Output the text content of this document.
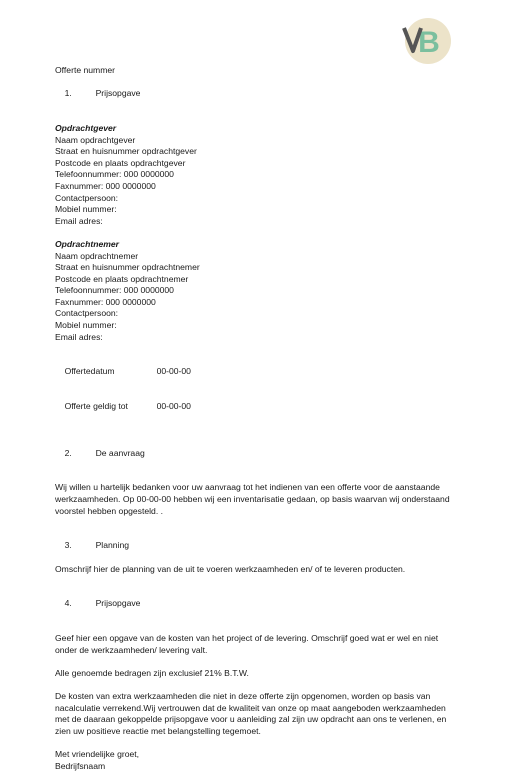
B
Offerte nummer

1.	Prijsopgave

Opdrachtgever
Naam opdrachtgever
Straat en huisnummer opdrachtgever
Postcode en plaats opdrachtgever
Telefoonnummer: 000 0000000
Faxnummer: 000 0000000
Contactpersoon:
Mobiel nummer:
Email adres:
Opdrachtnemer
Naam opdrachtnemer
Straat en huisnummer opdrachtnemer
Postcode en plaats opdrachtnemer
Telefoonnummer: 000 0000000
Faxnummer: 000 0000000
Contactpersoon:
Mobiel nummer:
Email adres:

Offertedatum	00-00-00

Offerte geldig tot	00-00-00

2.	De aanvraag

Wij willen u hartelijk bedanken voor uw aanvraag tot het indienen van een offerte voor de aanstaande werkzaamheden. Op 00-00-00 hebben wij een inventarisatie gedaan, op basis waarvan wij onderstaand voorstel hebben opgesteld. .

3.	Planning

Omschrijf hier de planning van de uit te voeren werkzaamheden en/ of te leveren producten.

4.	Prijsopgave

Geef hier een opgave van de kosten van het project of de levering. Omschrijf goed wat er wel en niet onder de werkzaamheden/ levering valt.
Alle genoemde bedragen zijn exclusief 21% B.T.W.
De kosten van extra werkzaamheden die niet in deze offerte zijn opgenomen, worden op basis van nacalculatie verrekend.Wij vertrouwen dat de kwaliteit van onze op maat aangeboden werkzaamheden met de daaraan gekoppelde prijsopgave voor u aanleiding zal zijn uw opdracht aan ons te verlenen, en zien uw positieve reactie met belangstelling tegemoet.
Met vriendelijke groet,
Bedrijfsnaam
